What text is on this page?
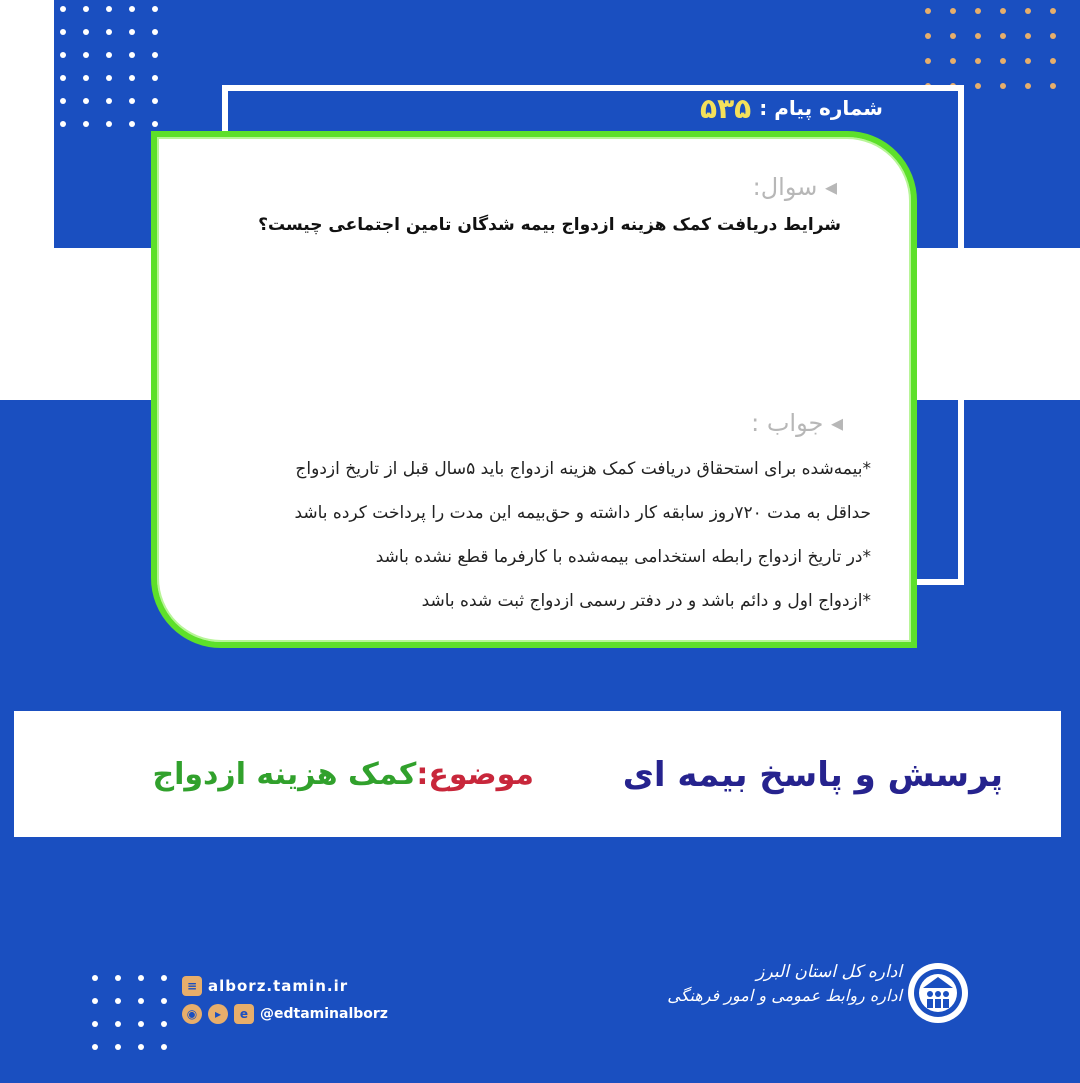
شماره پیام :
۵۳۵
◂ سوال:
شرایط دریافت کمک هزینه ازدواج بیمه شدگان تامین اجتماعی چیست؟
◂ جواب :
*بیمه‌شده برای استحقاق دریافت کمک هزینه ازدواج باید ۵سال قبل از تاریخ ازدواج
حداقل به مدت ۷۲۰روز سابقه کار داشته و حق‌بیمه این مدت را پرداخت کرده باشد
*در تاریخ ازدواج رابطه استخدامی بیمه‌شده با کارفرما قطع نشده باشد
*ازدواج اول و دائم باشد و در دفتر رسمی ازدواج ثبت شده باشد
پرسش و پاسخ بیمه ای
موضوع:کمک هزینه ازدواج
≡ alborz.tamin.ir
◉	▸	e @edtaminalborz
اداره کل استان البرز
اداره روابط عمومی و امور فرهنگی
